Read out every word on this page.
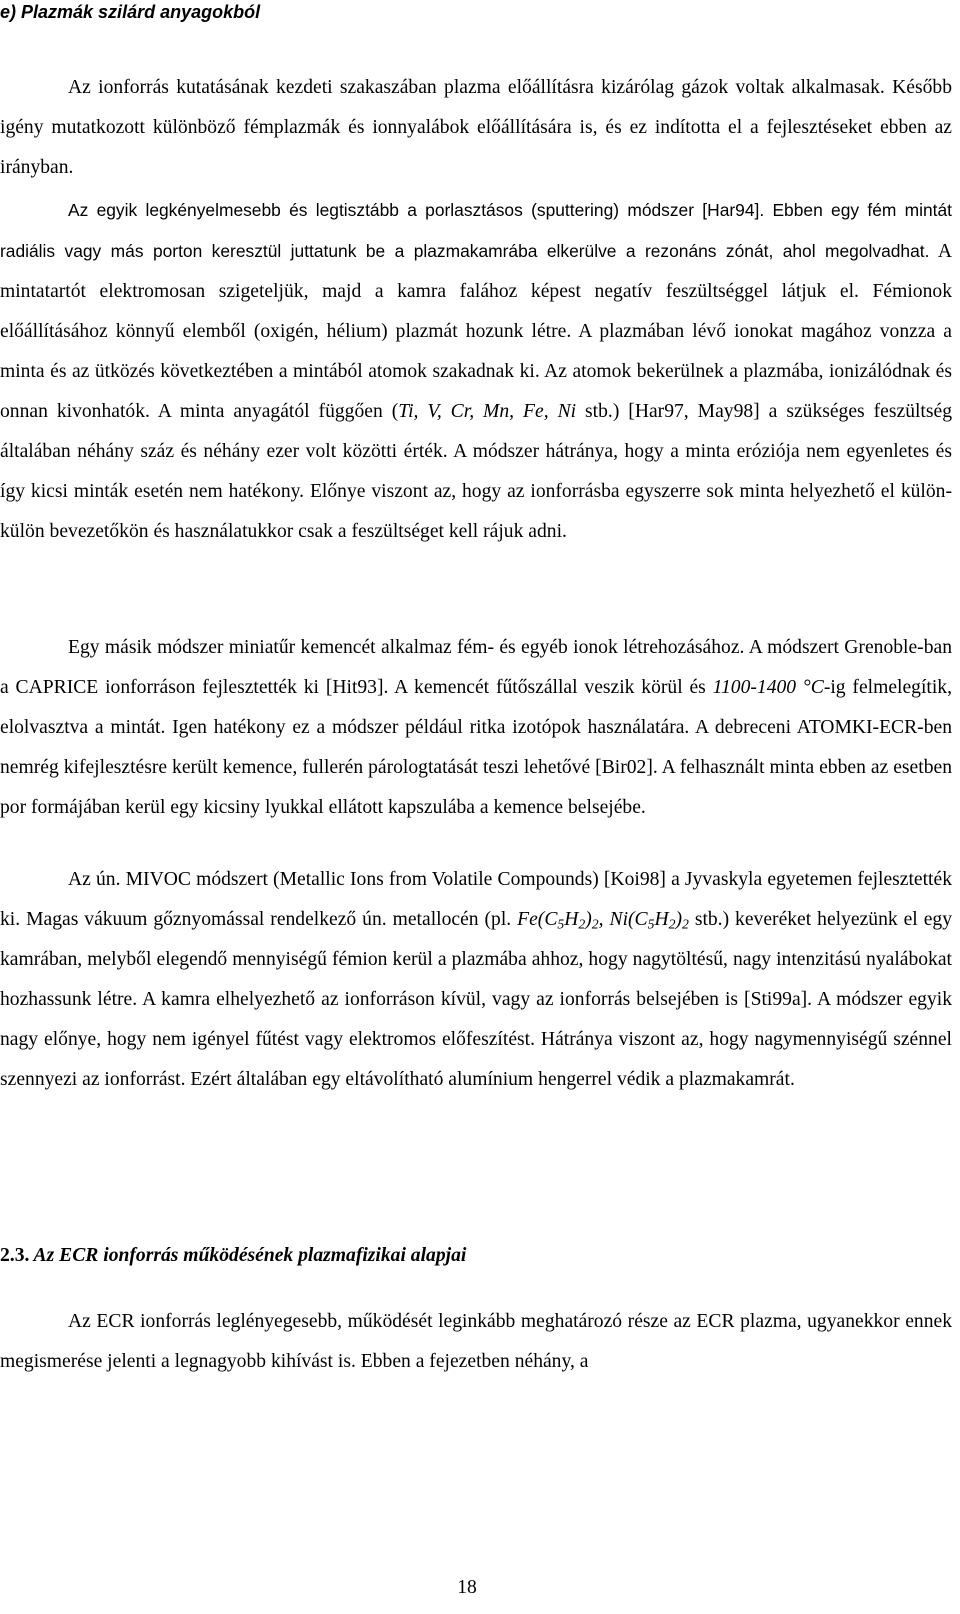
e) Plazmák szilárd anyagokból

Az ionforrás kutatásának kezdeti szakaszában plazma előállításra kizárólag gázok voltak alkalmasak. Később igény mutatkozott különböző fémplazmák és ionnyalábok előállítására is, és ez indította el a fejlesztéseket ebben az irányban.

Az egyik legkényelmesebb és legtisztább a porlasztásos (sputtering) módszer [Har94]. Ebben egy fém mintát radiális vagy más porton keresztül juttatunk be a plazmakamrába elkerülve a rezonáns zónát, ahol megolvadhat. A mintatartót elektromosan szigeteljük, majd a kamra falához képest negatív feszültséggel látjuk el. Fémionok előállításához könnyű elemből (oxigén, hélium) plazmát hozunk létre. A plazmában lévő ionokat magához vonzza a minta és az ütközés következtében a mintából atomok szakadnak ki. Az atomok bekerülnek a plazmába, ionizálódnak és onnan kivonhatók. A minta anyagától függően (Ti, V, Cr, Mn, Fe, Ni stb.) [Har97, May98] a szükséges feszültség általában néhány száz és néhány ezer volt közötti érték. A módszer hátránya, hogy a minta eróziója nem egyenletes és így kicsi minták esetén nem hatékony. Előnye viszont az, hogy az ionforrásba egyszerre sok minta helyezhető el külön-külön bevezetőkön és használatukkor csak a feszültséget kell rájuk adni.

Egy másik módszer miniatűr kemencét alkalmaz fém- és egyéb ionok létrehozásához. A módszert Grenoble-ban a CAPRICE ionforráson fejlesztették ki [Hit93]. A kemencét fűtőszállal veszik körül és 1100-1400 °C-ig felmelegítik, elolvasztva a mintát. Igen hatékony ez a módszer például ritka izotópok használatára. A debreceni ATOMKI-ECR-ben nemrég kifejlesztésre került kemence, fullerén párologtatását teszi lehetővé [Bir02]. A felhasznált minta ebben az esetben por formájában kerül egy kicsiny lyukkal ellátott kapszulába a kemence belsejébe.

Az ún. MIVOC módszert (Metallic Ions from Volatile Compounds) [Koi98] a Jyvaskyla egyetemen fejlesztették ki. Magas vákuum gőznyomással rendelkező ún. metallocén (pl. $Fe(C_5H_2)_2$, $Ni(C_5H_2)_2$ stb.) keveréket helyezünk el egy kamrában, melyből elegendő mennyiségű fémion kerül a plazmába ahhoz, hogy nagytöltésű, nagy intenzitású nyalábokat hozhassunk létre. A kamra elhelyezhető az ionforráson kívül, vagy az ionforrás belsejében is [Sti99a]. A módszer egyik nagy előnye, hogy nem igényel fűtést vagy elektromos előfeszítést. Hátránya viszont az, hogy nagymennyiségű szénnel szennyezi az ionforrást. Ezért általában egy eltávolítható alumínium hengerrel védik a plazmakamrát.

2.3. Az ECR ionforrás működésének plazmafizikai alapjai

Az ECR ionforrás leglényegesebb, működését leginkább meghatározó része az ECR plazma, ugyanekkor ennek megismerése jelenti a legnagyobb kihívást is. Ebben a fejezetben néhány, a

18
